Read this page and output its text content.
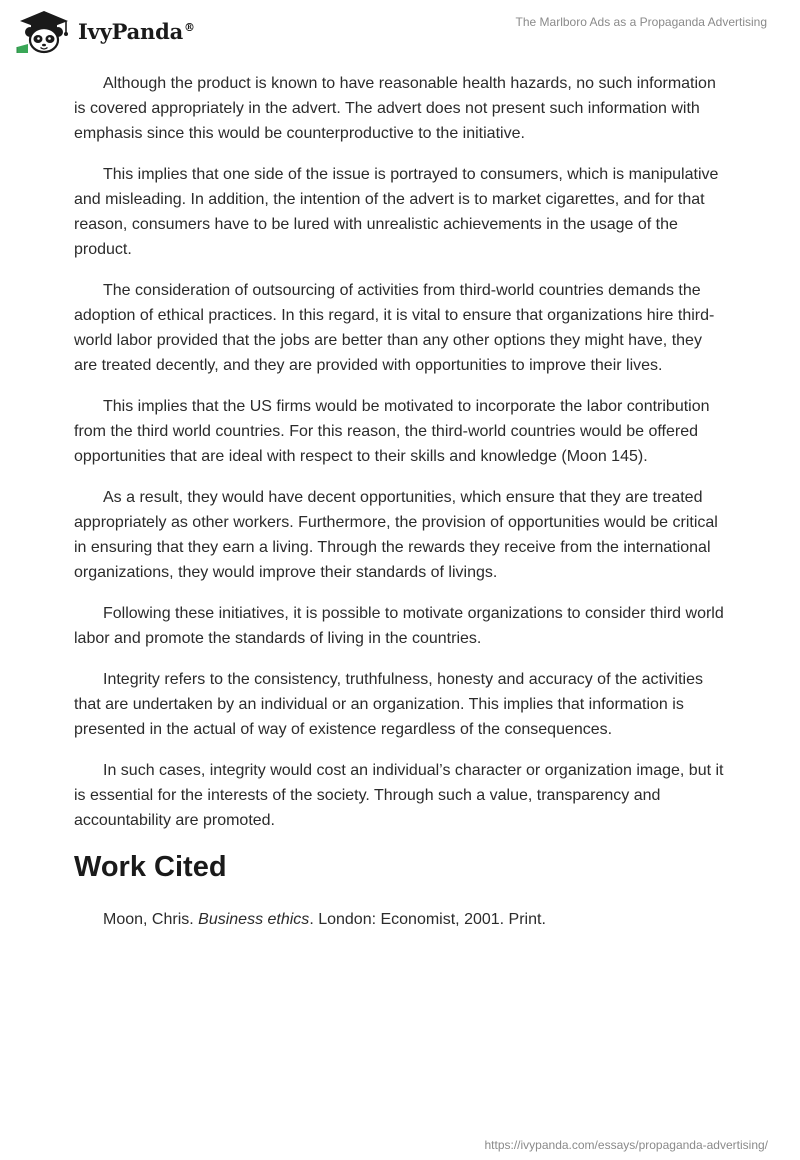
IvyPanda®	The Marlboro Ads as a Propaganda Advertising

Although the product is known to have reasonable health hazards, no such information is covered appropriately in the advert. The advert does not present such information with emphasis since this would be counterproductive to the initiative.

This implies that one side of the issue is portrayed to consumers, which is manipulative and misleading. In addition, the intention of the advert is to market cigarettes, and for that reason, consumers have to be lured with unrealistic achievements in the usage of the product.

The consideration of outsourcing of activities from third-world countries demands the adoption of ethical practices. In this regard, it is vital to ensure that organizations hire third-world labor provided that the jobs are better than any other options they might have, they are treated decently, and they are provided with opportunities to improve their lives.

This implies that the US firms would be motivated to incorporate the labor contribution from the third world countries. For this reason, the third-world countries would be offered opportunities that are ideal with respect to their skills and knowledge (Moon 145).

As a result, they would have decent opportunities, which ensure that they are treated appropriately as other workers. Furthermore, the provision of opportunities would be critical in ensuring that they earn a living. Through the rewards they receive from the international organizations, they would improve their standards of livings.

Following these initiatives, it is possible to motivate organizations to consider third world labor and promote the standards of living in the countries.

Integrity refers to the consistency, truthfulness, honesty and accuracy of the activities that are undertaken by an individual or an organization. This implies that information is presented in the actual of way of existence regardless of the consequences.

In such cases, integrity would cost an individual’s character or organization image, but it is essential for the interests of the society. Through such a value, transparency and accountability are promoted.

Work Cited

Moon, Chris. Business ethics. London: Economist, 2001. Print.

https://ivypanda.com/essays/propaganda-advertising/
